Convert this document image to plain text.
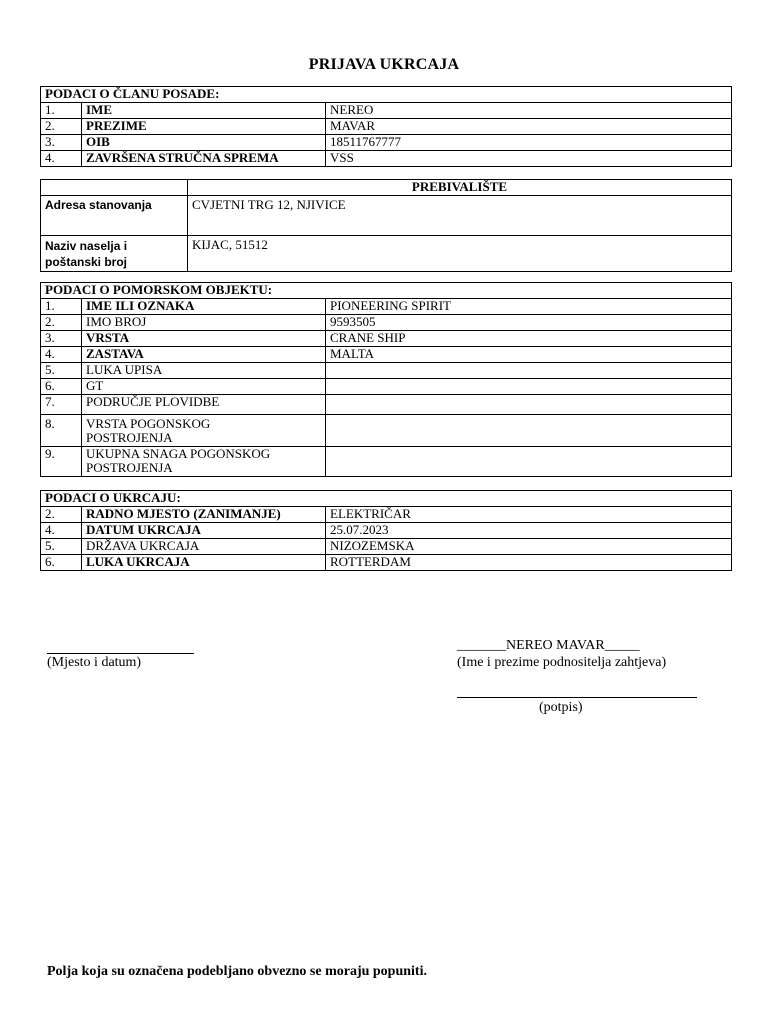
PRIJAVA UKRCAJA
PODACI O ČLANU POSADE:		
1.	IME	NEREO
2.	PREZIME	MAVAR
3.	OIB	18511767777
4.	ZAVRŠENA STRUČNA SPREMA	VSS
	PREBIVALIŠTE
Adresa stanovanja	CVJETNI TRG 12, NJIVICE
Naziv naselja i poštanski broj	KIJAC, 51512
PODACI O POMORSKOM OBJEKTU:		
1.	IME ILI OZNAKA	PIONEERING SPIRIT
2.	IMO BROJ	9593505
3.	VRSTA	CRANE SHIP
4.	ZASTAVA	MALTA
5.	LUKA UPISA	
6.	GT	
7.	PODRUČJE PLOVIDBE	
8.	VRSTA POGONSKOG POSTROJENJA	
9.	UKUPNA SNAGA POGONSKOG POSTROJENJA	
PODACI O UKRCAJU:		
2.	RADNO MJESTO (ZANIMANJE)	ELEKTRIČAR
4.	DATUM UKRCAJA	25.07.2023
5.	DRŽAVA UKRCAJA	NIZOZEMSKA
6.	LUKA UKRCAJA	ROTTERDAM
(Mjesto i datum)
_______NEREO MAVAR_____
(Ime i prezime podnositelja zahtjeva)
(potpis)
Polja koja su označena podebljano obvezno se moraju popuniti.
